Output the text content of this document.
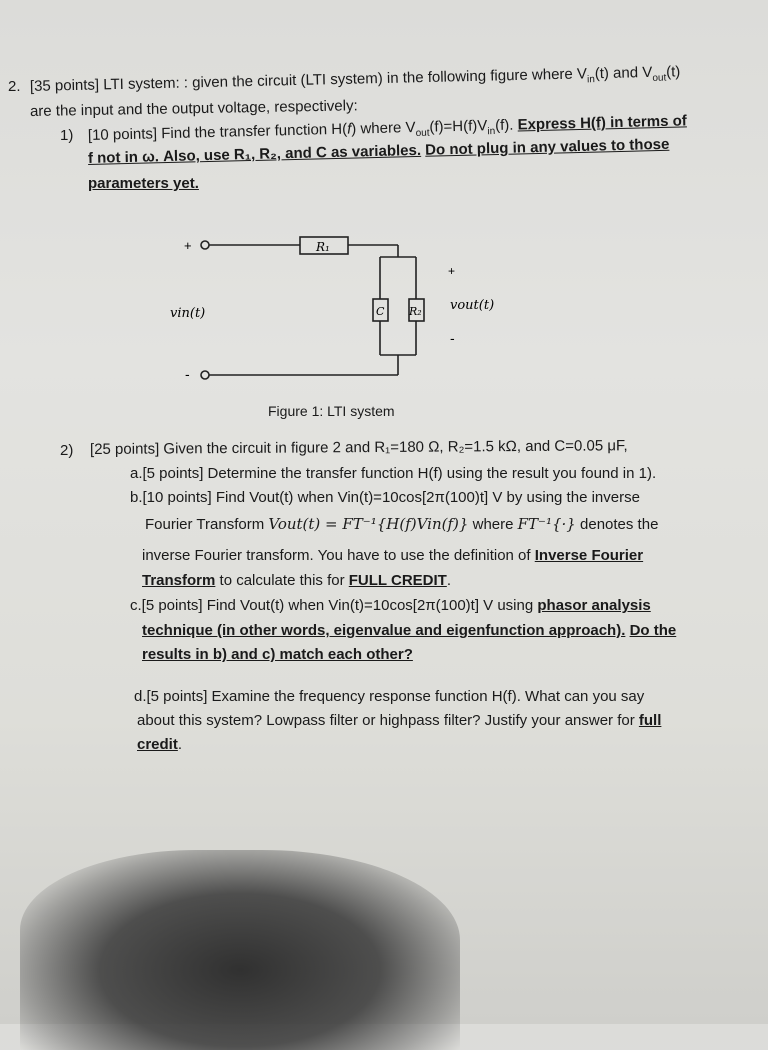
2. [35 points] LTI system: : given the circuit (LTI system) in the following figure where $V_{in}(t)$ and $V_{out}(t)$
are the input and the output voltage, respectively:
1) [10 points] Find the transfer function H(f) where $V_{out}(f)=H(f)V_{in}(f)$. Express H(f) in terms of
f not in ω. Also, use R₁, R₂, and C as variables. Do not plug in any values to those
parameters yet.
+
-
vin(t)
R₁
C R₂
+
-
vout(t)
Figure 1: LTI system
2) [25 points] Given the circuit in figure 2 and R₁=180 Ω, R₂=1.5 kΩ, and C=0.05 μF,
a.[5 points] Determine the transfer function H(f) using the result you found in 1).
b.[10 points] Find Vout(t) when Vin(t)=10cos[2π(100)t] V by using the inverse
Fourier Transform Vout(t) = FT⁻¹{H(f)Vin(f)} where FT⁻¹{·} denotes the
inverse Fourier transform. You have to use the definition of Inverse Fourier
Transform to calculate this for FULL CREDIT.
c.[5 points] Find Vout(t) when Vin(t)=10cos[2π(100)t] V using phasor analysis
technique (in other words, eigenvalue and eigenfunction approach). Do the
results in b) and c) match each other?
d.[5 points] Examine the frequency response function H(f). What can you say
about this system? Lowpass filter or highpass filter? Justify your answer for full
credit.
